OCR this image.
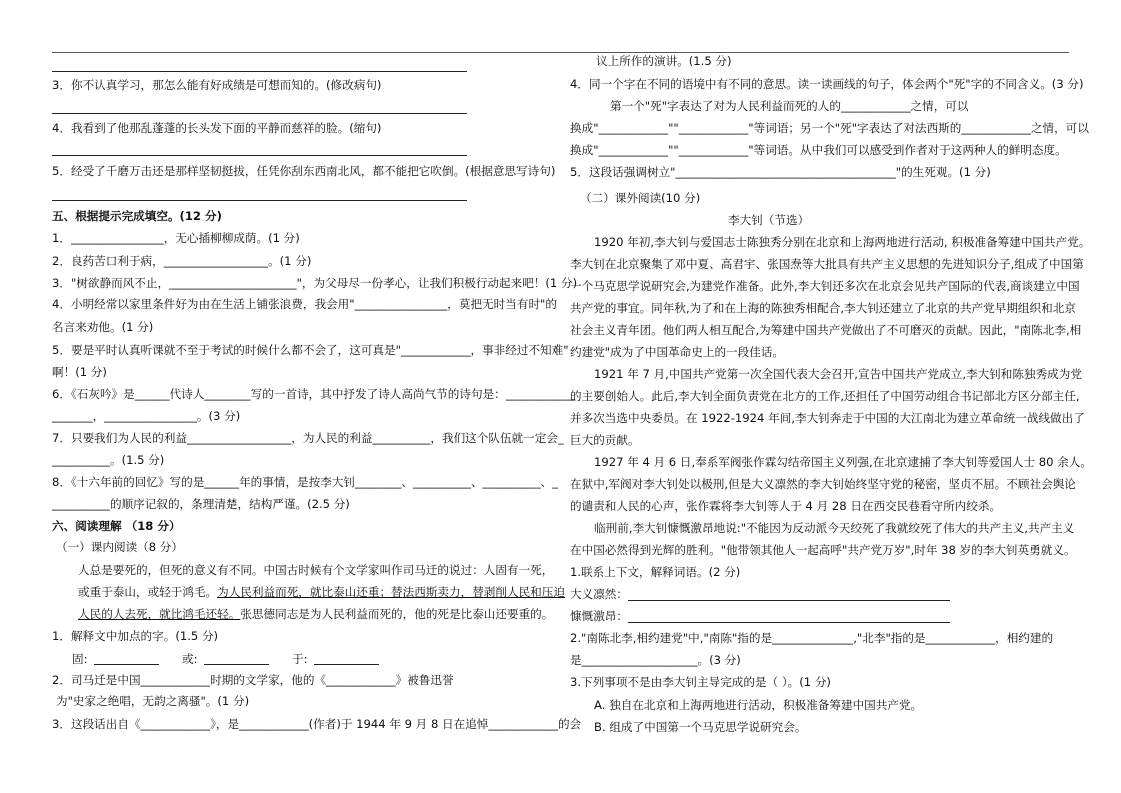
3．你不认真学习，那怎么能有好成绩是可想而知的。(修改病句)
4．我看到了他那乱蓬蓬的长头发下面的平静而慈祥的脸。(缩句)
5．经受了千磨万击还是那样坚韧挺拔，任凭你刮东西南北风，都不能把它吹倒。(根据意思写诗句)
五、根据提示完成填空。(12 分)
1．________________，无心插柳柳成荫。(1 分)
2．良药苦口利于病，__________________。(1 分)
3．"树欲静而风不止，______________________"，为父母尽一份孝心，让我们积极行动起来吧！(1 分)
4．小明经常以家里条件好为由在生活上铺张浪费，我会用"________________，莫把无时当有时"的
名言来劝他。(1 分)
5．要是平时认真听课就不至于考试的时候什么都不会了，这可真是"____________，事非经过不知难"
啊！(1 分)
6．《石灰吟》是______代诗人________写的一首诗，其中抒发了诗人高尚气节的诗句是：____________
_______，________________。(3 分)
7．只要我们为人民的利益__________________，为人民的利益__________，我们这个队伍就一定会_
__________。(1.5 分)
8．《十六年前的回忆》写的是______年的事情，是按李大钊________、__________、__________、_
__________的顺序记叙的，条理清楚，结构严谨。(2.5 分)
六、阅读理解 （18 分）
（一）课内阅读（8 分）
人总是要死的，但死的意义有不同。中国古时候有个文学家叫作司马迁的说过：人固有一死，
或重于泰山，或轻于鸿毛。为人民利益而死，就比泰山还重；替法西斯卖力，替剥削人民和压迫
人民的人去死，就比鸿毛还轻。张思德同志是为人民利益而死的，他的死是比泰山还要重的。
1．解释文中加点的字。(1.5 分)
固:	或:	于:
2．司马迁是中国____________时期的文学家，他的《____________》被鲁迅誉
为"史家之绝唱，无韵之离骚"。(1 分)
3．这段话出自《____________》，是____________(作者)于 1944 年 9 月 8 日在追悼____________的会
议上所作的演讲。(1.5 分)
4．同一个字在不同的语境中有不同的意思。读一读画线的句子，体会两个"死"字的不同含义。(3 分)
第一个"死"字表达了对为人民利益而死的人的____________之情，可以
换成"____________""____________"等词语；另一个"死"字表达了对法西斯的____________之情，可以
换成"____________""____________"等词语。从中我们可以感受到作者对于这两种人的鲜明态度。
5．这段话强调树立"______________________________________"的生死观。(1 分)
（二）课外阅读(10 分)
李大钊（节选）
1920 年初,李大钊与爱国志士陈独秀分别在北京和上海两地进行活动, 积极准备筹建中国共产党。
李大钊在北京聚集了邓中夏、高君宇、张国焘等大批具有共产主义思想的先进知识分子,组成了中国第
一个马克思学说研究会,为建党作准备。此外,李大钊还多次在北京会见共产国际的代表,商谈建立中国
共产党的事宜。同年秋,为了和在上海的陈独秀相配合,李大钊还建立了北京的共产党早期组织和北京
社会主义青年团。他们两人相互配合,为筹建中国共产党做出了不可磨灭的贡献。因此，"南陈北李,相
约建党"成为了中国革命史上的一段佳话。
1921 年 7 月,中国共产党第一次全国代表大会召开,宣告中国共产党成立,李大钊和陈独秀成为党
的主要创始人。此后,李大钊全面负责党在北方的工作,还担任了中国劳动组合书记部北方区分部主任,
并多次当选中央委员。在 1922-1924 年间,李大钊奔走于中国的大江南北为建立革命统一战线做出了
巨大的贡献。
1927 年 4 月 6 日,奉系军阀张作霖勾结帝国主义列强,在北京逮捕了李大钊等爱国人士 80 余人。
在狱中,军阀对李大钊处以极刑,但是大义凛然的李大钊始终坚守党的秘密，坚贞不屈。不顾社会舆论
的谴责和人民的心声，张作霖将李大钊等人于 4 月 28 日在西交民巷看守所内绞杀。
临刑前,李大钊慷慨激昂地说:"不能因为反动派今天绞死了我就绞死了伟大的共产主义,共产主义
在中国必然得到光辉的胜利。"他带领其他人一起高呼"共产党万岁",时年 38 岁的李大钊英勇就义。
1.联系上下文，解释词语。(2 分)
大义凛然：
慷慨激昂：
2."南陈北李,相约建党"中,"南陈"指的是______________,"北李"指的是____________，相约建的
是____________________。(3 分)
3.下列事项不是由李大钊主导完成的是（ ）。(1 分)
A. 独自在北京和上海两地进行活动，积极准备筹建中国共产党。
B. 组成了中国第一个马克思学说研究会。
